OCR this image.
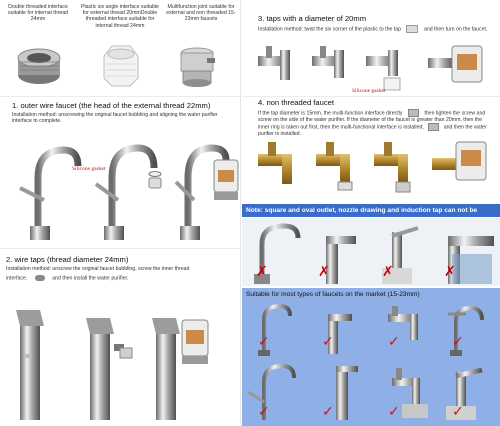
Double threaded interface suitable for internal thread 24mm
Plastic six angle interface suitable for external thread 20mmDouble threaded interface suitable for internal thread 24mm
Multifunction joint suitable for external and non threaded 15-23mm faucets
1. outer wire faucet (the head of the external thread 22mm)
Installation method: unscrewing the original faucet bubbling and aligning the water purifier interface to complete.
Silicone gasket
2. wire taps (thread diameter 24mm)
Installation method: unscrew the original faucet bubbling, screw the inner thread
interface.	and then install the water purifier.
3. taps with a diameter of 20mm
Installation method: twist the six corner of the plastic to the tap	and then turn on the faucet.
Silicone gasket
4. non threaded faucet
If the tap diameter is 15mm, the multi-function interface directly	then tighten the screw and screw on the side of the water purifier. If the diameter of the faucet is greater than 20mm, then the inner ring is taken out first, then the multi-functional interface is installed,	and then the water purifier is installed.
Note: square and oval outlet, nozzle drawing and induction tap can not be
✗	✗	✗	✗
Suitable for most types of faucets on the market (15-23mm)
✓	✓	✓	✓
✓	✓	✓	✓
